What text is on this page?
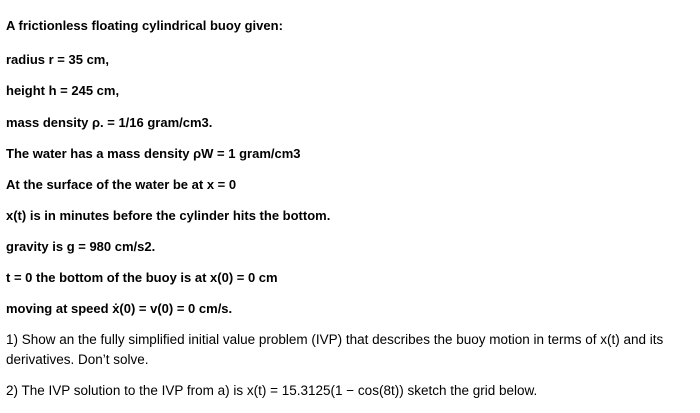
A frictionless floating cylindrical buoy given:
radius r = 35 cm,
height h = 245 cm,
mass density ρ. = 1/16 gram/cm3.
The water has a mass density ρW = 1 gram/cm3
At the surface of the water be at x = 0
x(t) is in minutes before the cylinder hits the bottom.
gravity is g = 980 cm/s2.
t = 0 the bottom of the buoy is at x(0) = 0 cm
moving at speed ẋ(0) = v(0) = 0 cm/s.
1) Show an the fully simplified initial value problem (IVP) that describes the buoy motion in terms of x(t) and its derivatives. Don’t solve.
2) The IVP solution to the IVP from a) is x(t) = 15.3125(1 − cos(8t)) sketch the grid below.
